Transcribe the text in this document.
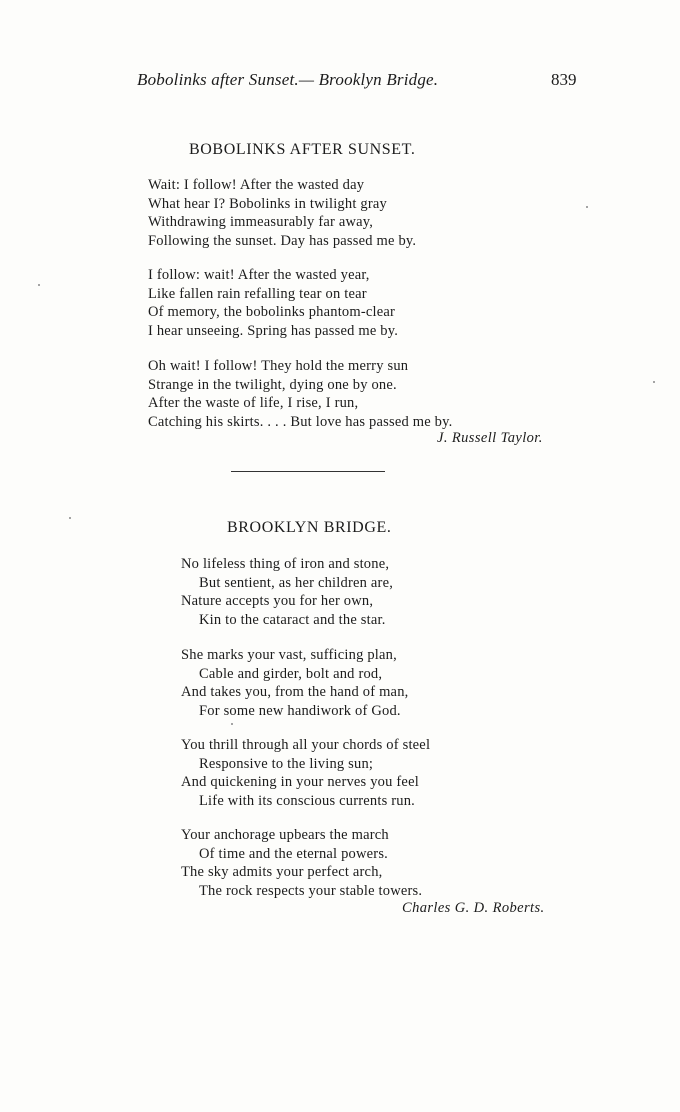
Bobolinks after Sunset.— Brooklyn Bridge.	839
BOBOLINKS AFTER SUNSET.
Wait: I follow! After the wasted day
What hear I? Bobolinks in twilight gray
Withdrawing immeasurably far away,
Following the sunset. Day has passed me by.
I follow: wait! After the wasted year,
Like fallen rain refalling tear on tear
Of memory, the bobolinks phantom-clear
I hear unseeing. Spring has passed me by.
Oh wait! I follow! They hold the merry sun
Strange in the twilight, dying one by one.
After the waste of life, I rise, I run,
Catching his skirts. . . . But love has passed me by.
J. Russell Taylor.
BROOKLYN BRIDGE.
No lifeless thing of iron and stone,
But sentient, as her children are,
Nature accepts you for her own,
Kin to the cataract and the star.
She marks your vast, sufficing plan,
Cable and girder, bolt and rod,
And takes you, from the hand of man,
For some new handiwork of God.
You thrill through all your chords of steel
Responsive to the living sun;
And quickening in your nerves you feel
Life with its conscious currents run.
Your anchorage upbears the march
Of time and the eternal powers.
The sky admits your perfect arch,
The rock respects your stable towers.
Charles G. D. Roberts.
